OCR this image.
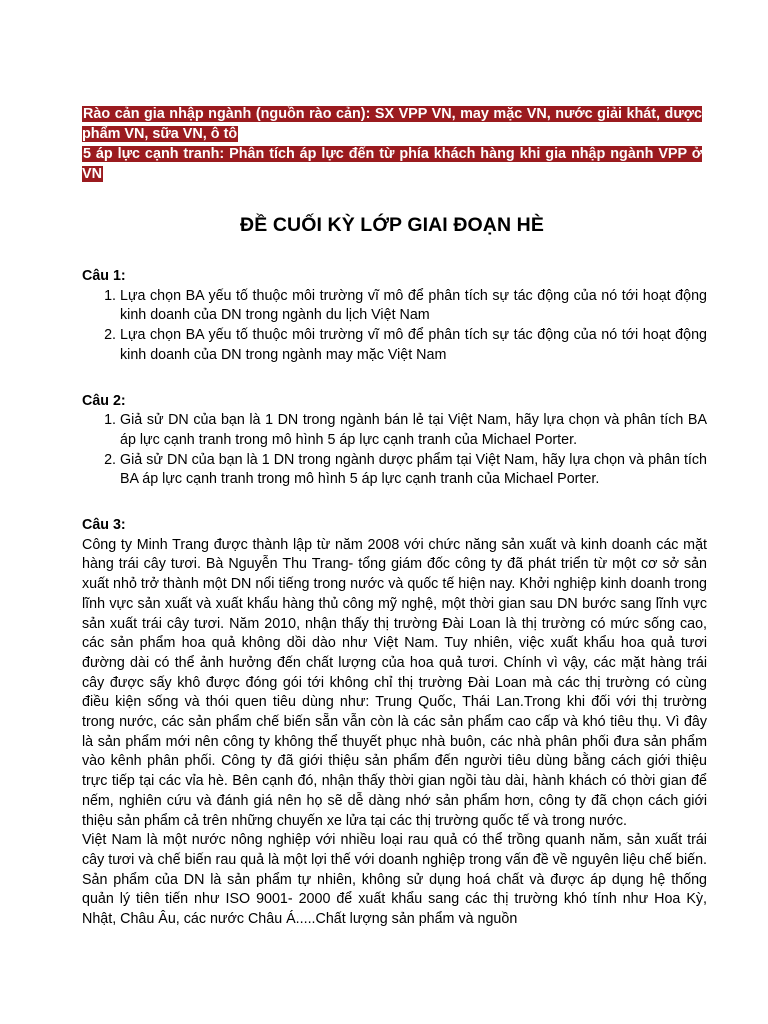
Rào cản gia nhập ngành (nguồn rào cản): SX VPP VN, may mặc VN, nước giải khát, dược phẩm VN, sữa VN, ô tô
5 áp lực cạnh tranh: Phân tích áp lực đến từ phía khách hàng khi gia nhập ngành VPP ở VN
ĐỀ CUỐI KỲ LỚP GIAI ĐOẠN HÈ
Câu 1:
1. Lựa chọn BA yếu tố thuộc môi trường vĩ mô để phân tích sự tác động của nó tới hoạt động kinh doanh của DN trong ngành du lịch Việt Nam
2. Lựa chọn BA yếu tố thuộc môi trường vĩ mô để phân tích sự tác động của nó tới hoạt động kinh doanh của DN trong ngành may mặc Việt Nam
Câu 2:
1. Giả sử DN của bạn là 1 DN trong ngành bán lẻ tại Việt Nam, hãy lựa chọn và phân tích BA áp lực cạnh tranh trong mô hình 5 áp lực cạnh tranh của Michael Porter.
2. Giả sử DN của bạn là 1 DN trong ngành dược phẩm tại Việt Nam, hãy lựa chọn và phân tích BA áp lực cạnh tranh trong mô hình 5 áp lực cạnh tranh của Michael Porter.
Câu 3:

Công ty Minh Trang được thành lập từ năm 2008 với chức năng sản xuất và kinh doanh các mặt hàng trái cây tươi. Bà Nguyễn Thu Trang- tổng giám đốc công ty đã phát triển từ một cơ sở sản xuất nhỏ trở thành một DN nổi tiếng trong nước và quốc tế hiện nay. Khởi nghiệp kinh doanh trong lĩnh vực sản xuất và xuất khẩu hàng thủ công mỹ nghệ, một thời gian sau DN bước sang lĩnh vực sản xuất trái cây tươi. Năm 2010, nhận thấy thị trường Đài Loan là thị trường có mức sống cao, các sản phẩm hoa quả không dồi dào như Việt Nam. Tuy nhiên, việc xuất khẩu hoa quả tươi đường dài có thể ảnh hưởng đến chất lượng của hoa quả tươi. Chính vì vậy, các mặt hàng trái cây được sấy khô được đóng gói tới không chỉ thị trường Đài Loan mà các thị trường có cùng điều kiện sống và thói quen tiêu dùng như: Trung Quốc, Thái Lan.Trong khi đối với thị trường trong nước, các sản phẩm chế biến sẵn vẫn còn là các sản phẩm cao cấp và khó tiêu thụ. Vì đây là sản phẩm mới nên công ty không thể thuyết phục nhà buôn, các nhà phân phối đưa sản phẩm vào kênh phân phối. Công ty đã giới thiệu sản phẩm đến người tiêu dùng bằng cách giới thiệu trực tiếp tại các vỉa hè. Bên cạnh đó, nhận thấy thời gian ngồi tàu dài, hành khách có thời gian để nếm, nghiên cứu và đánh giá nên họ sẽ dễ dàng nhớ sản phẩm hơn, công ty đã chọn cách giới thiệu sản phẩm cả trên những chuyến xe lửa tại các thị trường quốc tế và trong nước.

Việt Nam là một nước nông nghiệp với nhiều loại rau quả có thể trồng quanh năm, sản xuất trái cây tươi và chế biến rau quả là một lợi thế với doanh nghiệp trong vấn đề về nguyên liệu chế biến. Sản phẩm của DN là sản phẩm tự nhiên, không sử dụng hoá chất và được áp dụng hệ thống quản lý tiên tiến như ISO 9001- 2000 để xuất khẩu sang các thị trường khó tính như Hoa Kỳ, Nhật, Châu Âu, các nước Châu Á.....Chất lượng sản phẩm và nguồn
